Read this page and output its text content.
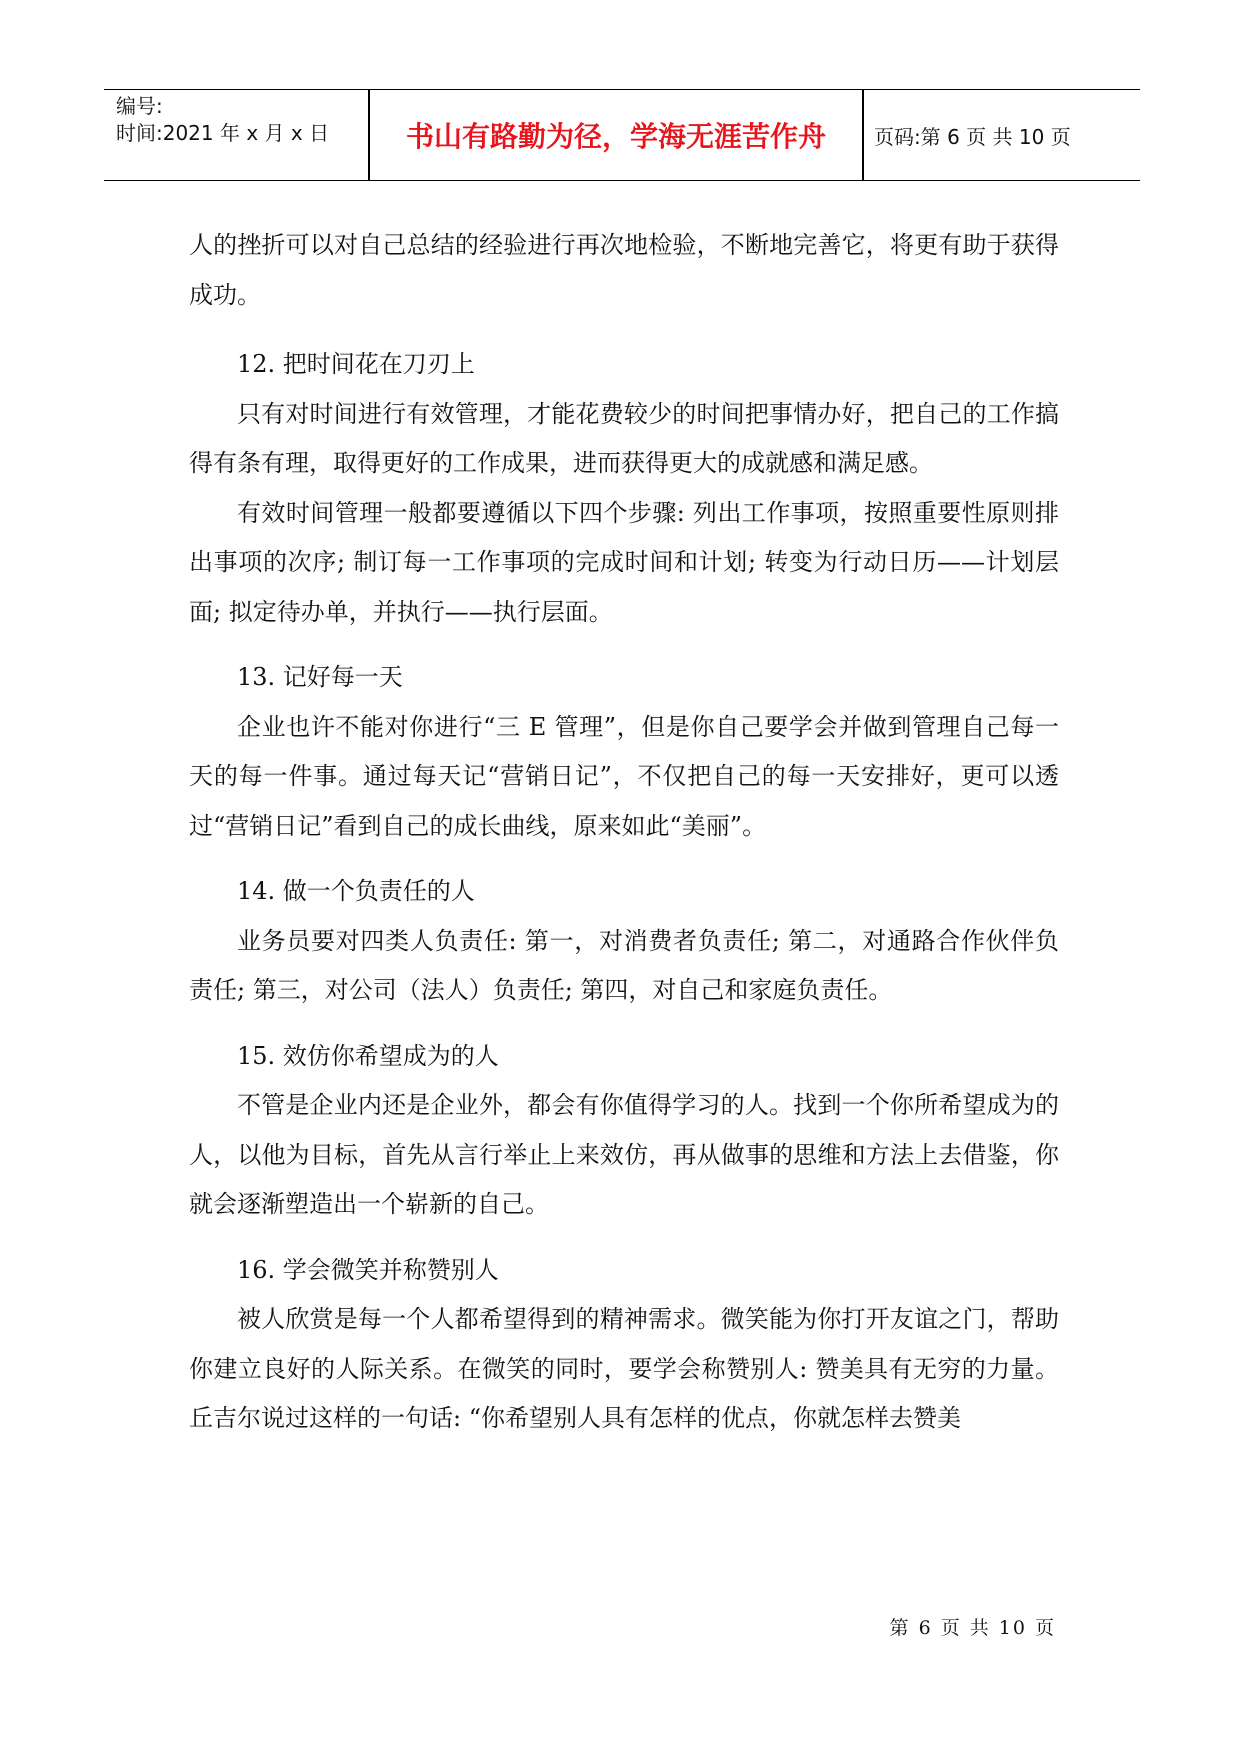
编号:
时间:2021 年 x 月 x 日	书山有路勤为径，学海无涯苦作舟	页码:第 6 页 共 10 页

人的挫折可以对自己总结的经验进行再次地检验，不断地完善它，将更有助于获得成功。

12. 把时间花在刀刃上

只有对时间进行有效管理，才能花费较少的时间把事情办好，把自己的工作搞得有条有理，取得更好的工作成果，进而获得更大的成就感和满足感。

有效时间管理一般都要遵循以下四个步骤: 列出工作事项，按照重要性原则排出事项的次序; 制订每一工作事项的完成时间和计划; 转变为行动日历——计划层面; 拟定待办单，并执行——执行层面。

13. 记好每一天

企业也许不能对你进行“三 E 管理”，但是你自己要学会并做到管理自己每一天的每一件事。通过每天记“营销日记”，不仅把自己的每一天安排好，更可以透过“营销日记”看到自己的成长曲线，原来如此“美丽”。

14. 做一个负责任的人

业务员要对四类人负责任: 第一，对消费者负责任; 第二，对通路合作伙伴负责任; 第三，对公司（法人）负责任; 第四，对自己和家庭负责任。

15. 效仿你希望成为的人

不管是企业内还是企业外，都会有你值得学习的人。找到一个你所希望成为的人，以他为目标，首先从言行举止上来效仿，再从做事的思维和方法上去借鉴，你就会逐渐塑造出一个崭新的自己。

16. 学会微笑并称赞别人

被人欣赏是每一个人都希望得到的精神需求。微笑能为你打开友谊之门，帮助你建立良好的人际关系。在微笑的同时，要学会称赞别人: 赞美具有无穷的力量。丘吉尔说过这样的一句话: “你希望别人具有怎样的优点，你就怎样去赞美

第 6 页 共 10 页
